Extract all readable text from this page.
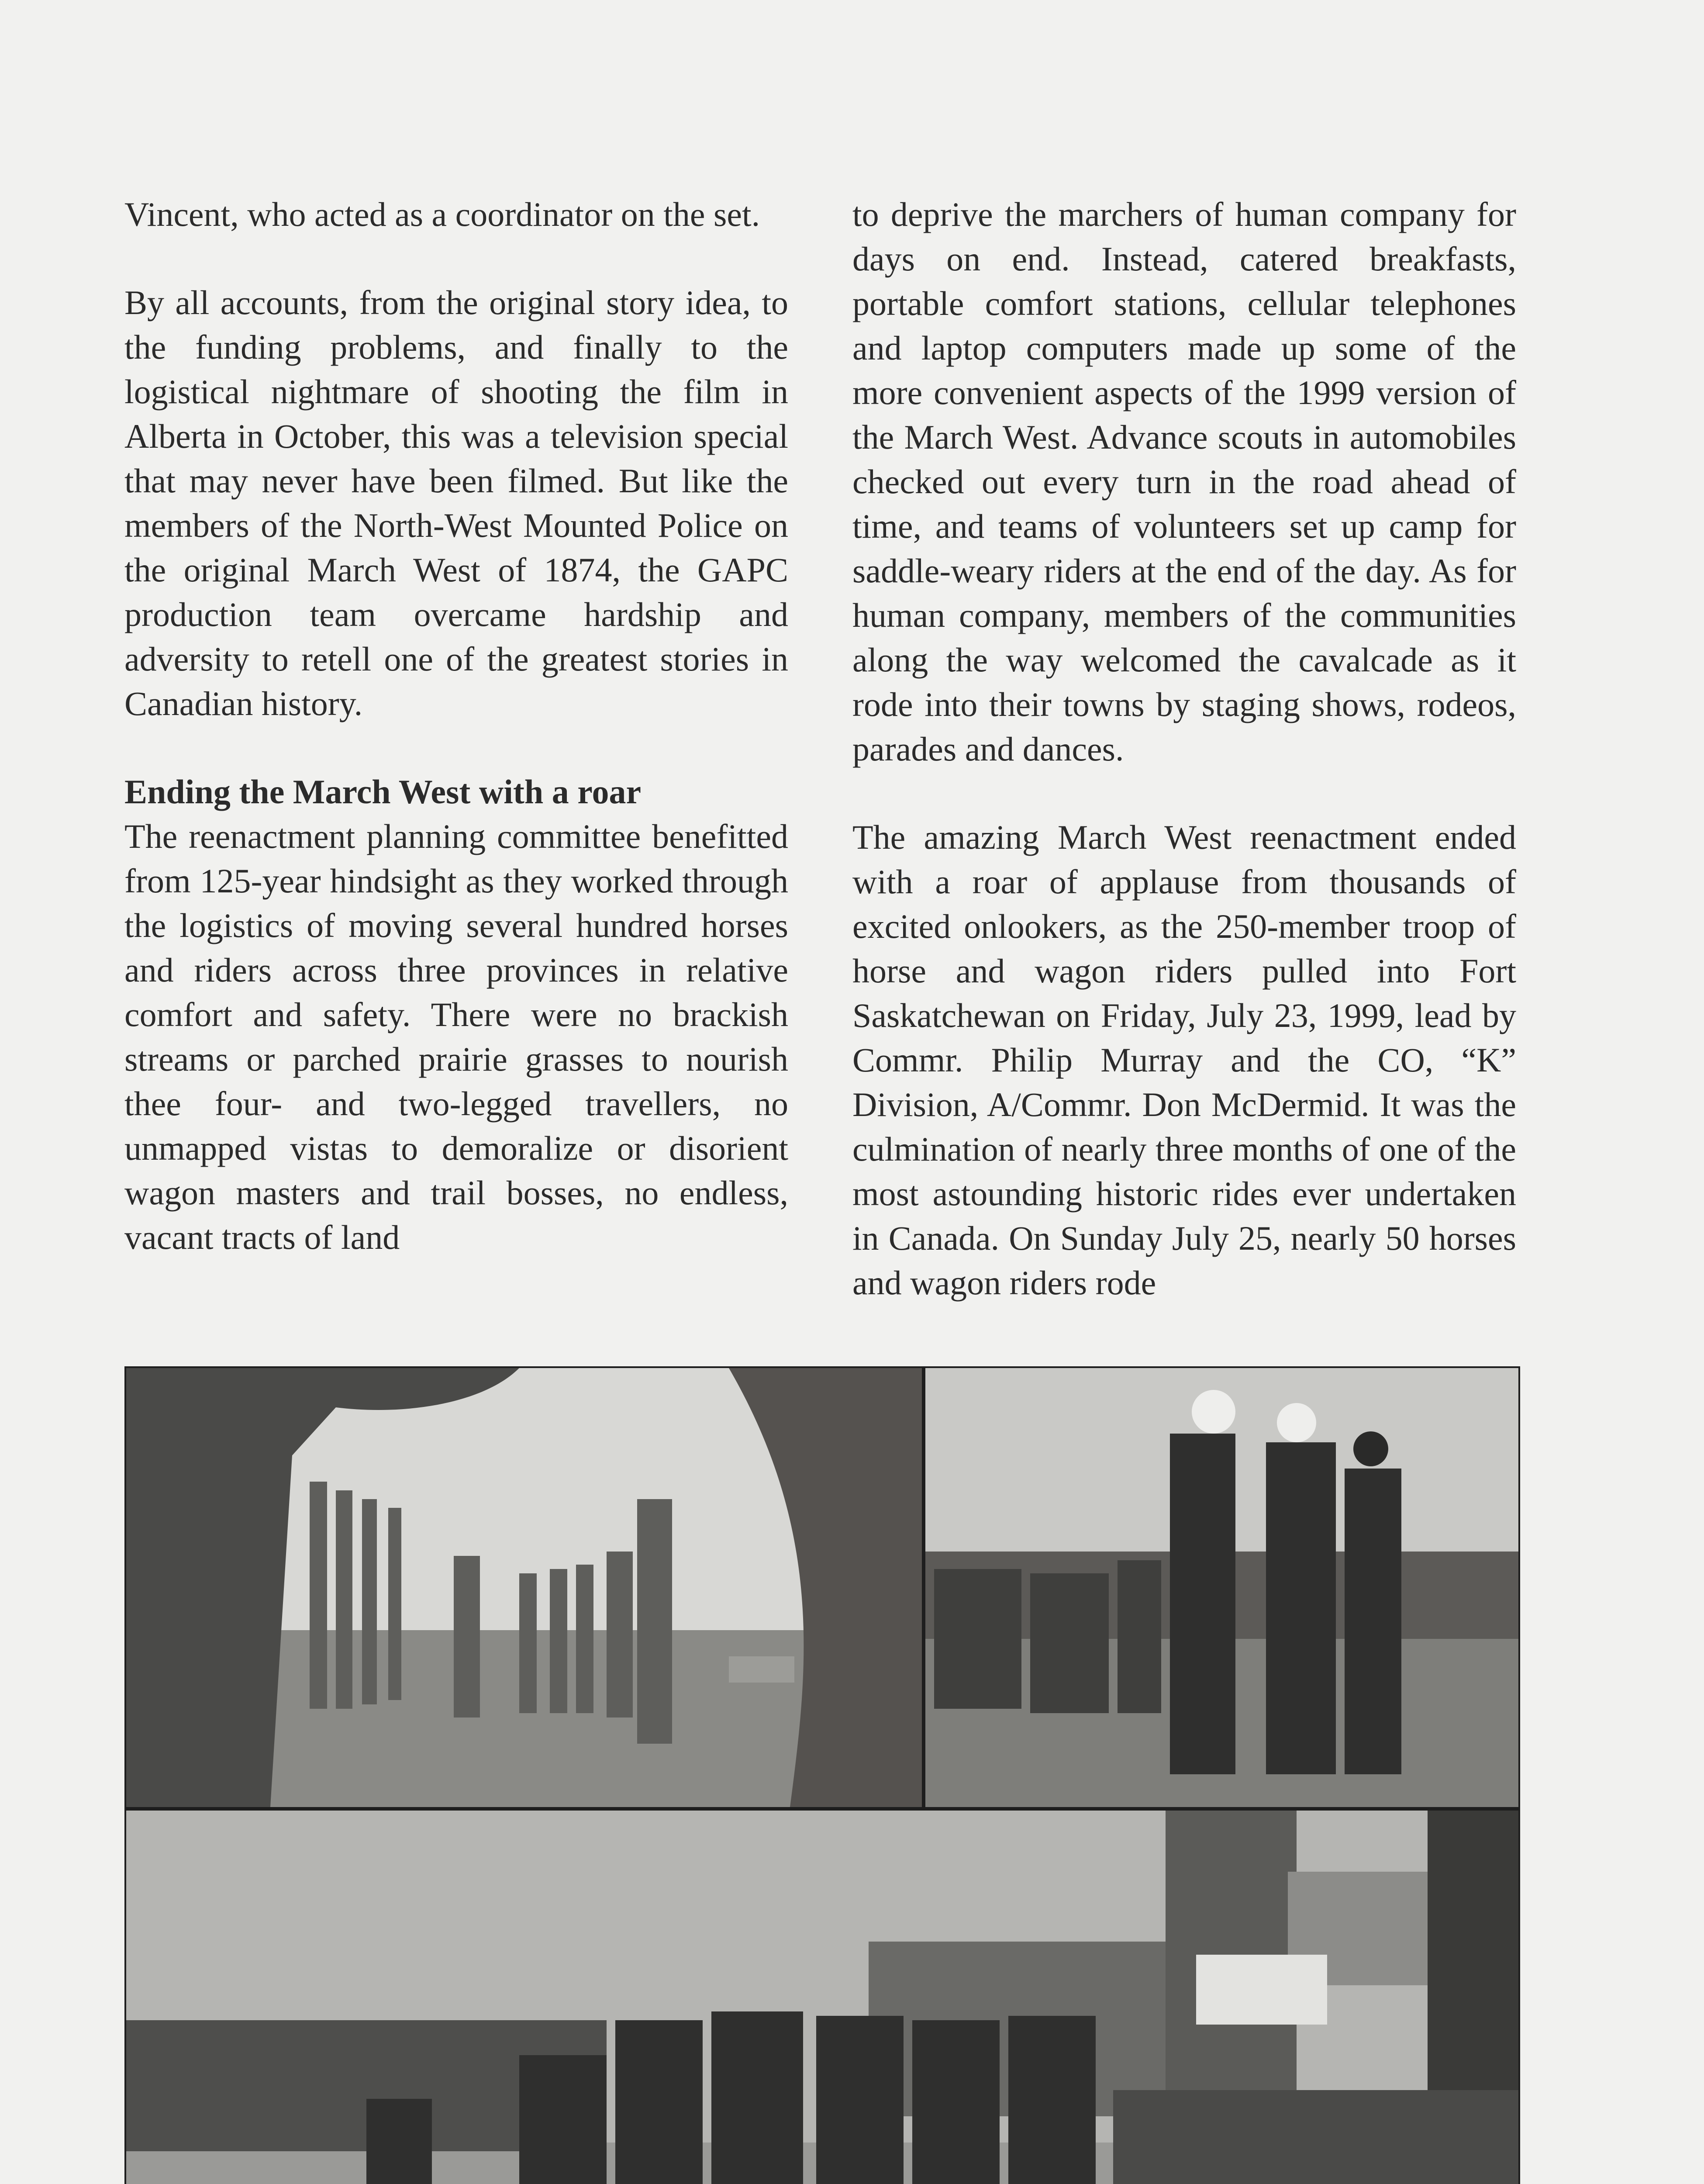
Vincent, who acted as a coordinator on the set.

By all accounts, from the original story idea, to the funding problems, and finally to the logistical nightmare of shooting the film in Alberta in October, this was a television special that may never have been filmed. But like the members of the North-West Mounted Police on the original March West of 1874, the GAPC production team overcame hardship and adversity to retell one of the greatest stories in Canadian history.

Ending the March West with a roar
The reenactment planning committee benefitted from 125-year hindsight as they worked through the logistics of moving several hundred horses and riders across three provinces in relative comfort and safety. There were no brackish streams or parched prairie grasses to nourish thee four- and two-legged travellers, no unmapped vistas to demoralize or disorient wagon masters and trail bosses, no endless, vacant tracts of land

to deprive the marchers of human company for days on end. Instead, catered breakfasts, portable comfort stations, cellular telephones and laptop computers made up some of the more convenient aspects of the 1999 version of the March West. Advance scouts in automobiles checked out every turn in the road ahead of time, and teams of volunteers set up camp for saddle-weary riders at the end of the day. As for human company, members of the communities along the way welcomed the cavalcade as it rode into their towns by staging shows, rodeos, parades and dances.

The amazing March West reenactment ended with a roar of applause from thousands of excited onlookers, as the 250-member troop of horse and wagon riders pulled into Fort Saskatchewan on Friday, July 23, 1999, lead by Commr. Philip Murray and the CO, “K” Division, A/Commr. Don McDermid. It was the culmination of nearly three months of one of the most astounding historic rides ever undertaken in Canada. On Sunday July 25, nearly 50 horses and wagon riders rode
